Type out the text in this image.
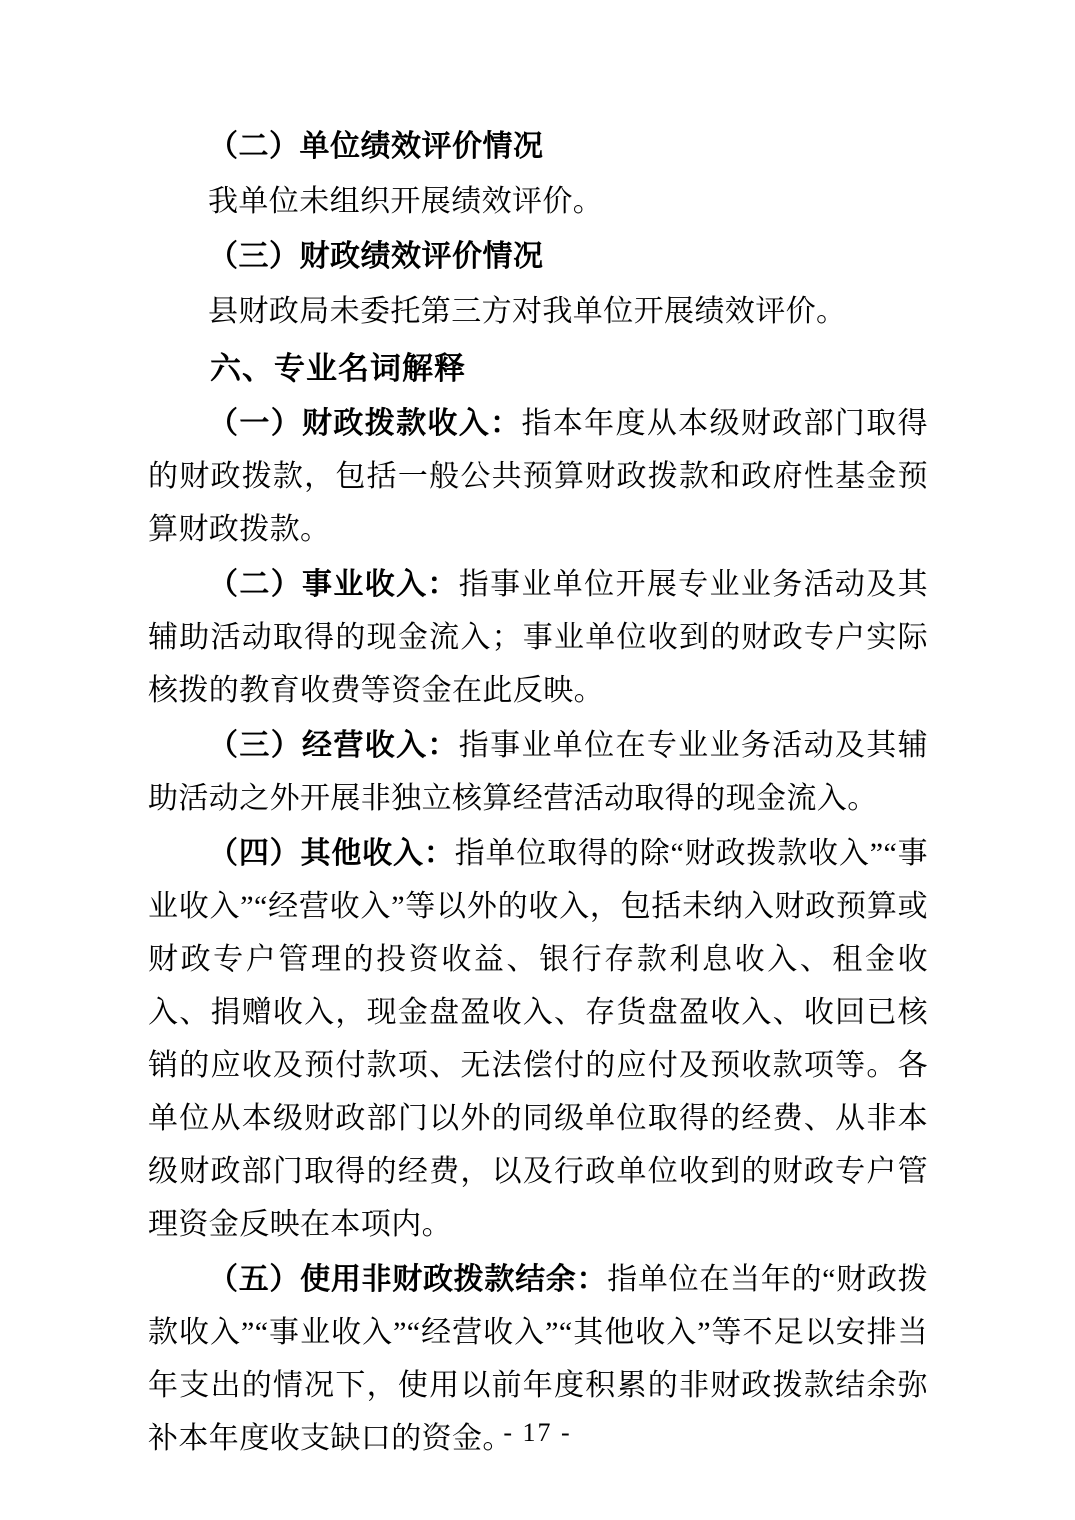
（二）单位绩效评价情况

我单位未组织开展绩效评价。

（三）财政绩效评价情况

县财政局未委托第三方对我单位开展绩效评价。

六、专业名词解释

（一）财政拨款收入：指本年度从本级财政部门取得的财政拨款，包括一般公共预算财政拨款和政府性基金预算财政拨款。

（二）事业收入：指事业单位开展专业业务活动及其辅助活动取得的现金流入；事业单位收到的财政专户实际核拨的教育收费等资金在此反映。

（三）经营收入：指事业单位在专业业务活动及其辅助活动之外开展非独立核算经营活动取得的现金流入。

（四）其他收入：指单位取得的除“财政拨款收入”“事业收入”“经营收入”等以外的收入，包括未纳入财政预算或财政专户管理的投资收益、银行存款利息收入、租金收入、捐赠收入，现金盘盈收入、存货盘盈收入、收回已核销的应收及预付款项、无法偿付的应付及预收款项等。各单位从本级财政部门以外的同级单位取得的经费、从非本级财政部门取得的经费，以及行政单位收到的财政专户管理资金反映在本项内。

（五）使用非财政拨款结余：指单位在当年的“财政拨款收入”“事业收入”“经营收入”“其他收入”等不足以安排当年支出的情况下，使用以前年度积累的非财政拨款结余弥补本年度收支缺口的资金。

- 17 -
